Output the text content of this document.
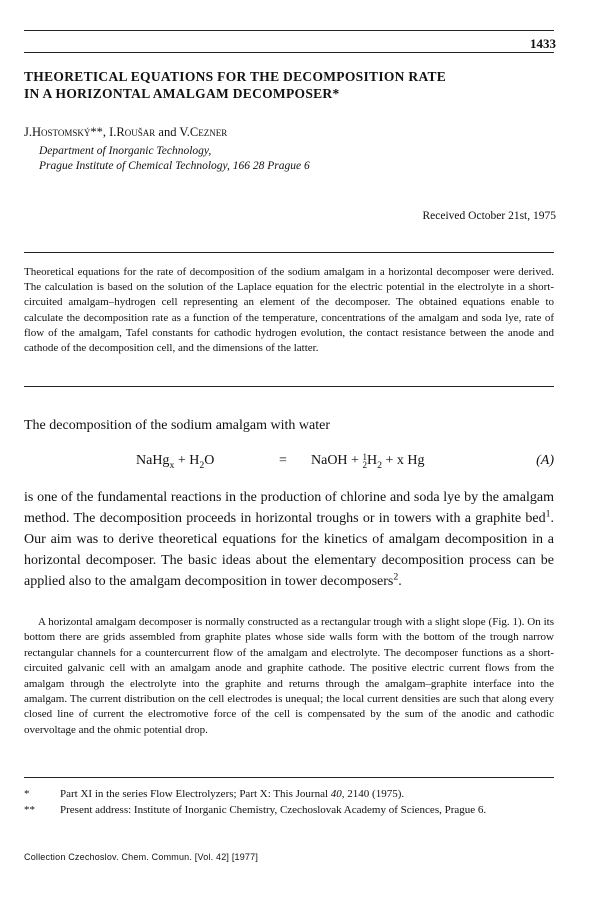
1433
THEORETICAL EQUATIONS FOR THE DECOMPOSITION RATE
IN A HORIZONTAL AMALGAM DECOMPOSER*
J.Hostomský**, I.Roušar and V.Cezner
Department of Inorganic Technology,
Prague Institute of Chemical Technology, 166 28 Prague 6
Received October 21st, 1975
Theoretical equations for the rate of decomposition of the sodium amalgam in a horizontal decomposer were derived. The calculation is based on the solution of the Laplace equation for the electric potential in the electrolyte in a short-circuited amalgam–hydrogen cell representing an element of the decomposer. The obtained equations enable to calculate the decomposition rate as a function of the temperature, concentrations of the amalgam and soda lye, rate of flow of the amalgam, Tafel constants for cathodic hydrogen evolution, the contact resistance between the anode and cathode of the decomposition cell, and the dimensions of the latter.
The decomposition of the sodium amalgam with water
NaHg$_x$ + $H_2O$	= NaOH + 1
$2H_2 + x$ Hg	(A)
is one of the fundamental reactions in the production of chlorine and soda lye by the amalgam method. The decomposition proceeds in horizontal troughs or in towers with a graphite bed$^1$. Our aim was to derive theoretical equations for the kinetics of amalgam decomposition in a horizontal decomposer. The basic ideas about the elementary decomposition process can be applied also to the amalgam decomposition in tower decomposers$^2$.
A horizontal amalgam decomposer is normally constructed as a rectangular trough with a slight slope (Fig. 1). On its bottom there are grids assembled from graphite plates whose side walls form with the bottom of the trough narrow rectangular channels for a countercurrent flow of the amalgam and electrolyte. The decomposer functions as a short-circuited galvanic cell with an amalgam anode and graphite cathode. The positive electric current flows from the amalgam through the electrolyte into the graphite and returns through the amalgam–graphite interface into the amalgam. The current distribution on the cell electrodes is unequal; the local current densities are such that along every closed line of current the electromotive force of the cell is compensated by the sum of the anodic and cathodic overvoltage and the ohmic potential drop.
*	Part XI in the series Flow Electrolyzers; Part X: This Journal 40, 2140 (1975).
** Present address: Institute of Inorganic Chemistry, Czechoslovak Academy of Sciences, Prague 6.
Collection Czechoslov. Chem. Commun. [Vol. 42] [1977]
